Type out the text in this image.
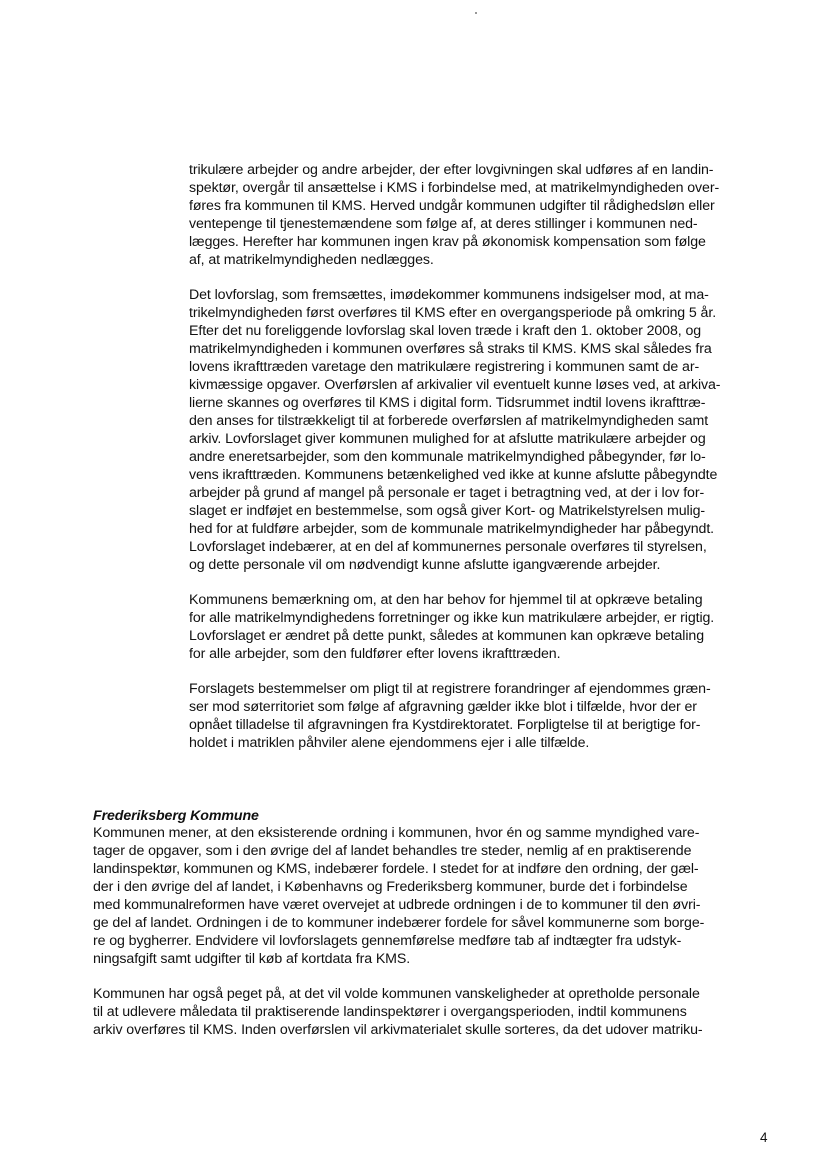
trikulære arbejder og andre arbejder, der efter lovgivningen skal udføres af en landin-

spektør, overgår til ansættelse i KMS i forbindelse med, at matrikelmyndigheden over-

føres fra kommunen til KMS. Herved undgår kommunen udgifter til rådighedsløn eller

ventepenge til tjenestemændene som følge af, at deres stillinger i kommunen ned-

lægges. Herefter har kommunen ingen krav på økonomisk kompensation som følge

af, at matrikelmyndigheden nedlægges.

Det lovforslag, som fremsættes, imødekommer kommunens indsigelser mod, at ma-

trikelmyndigheden først overføres til KMS efter en overgangsperiode på omkring 5 år.

Efter det nu foreliggende lovforslag skal loven træde i kraft den 1. oktober 2008, og

matrikelmyndigheden i kommunen overføres så straks til KMS. KMS skal således fra

lovens ikrafttræden varetage den matrikulære registrering i kommunen samt de ar-

kivmæssige opgaver. Overførslen af arkivalier vil eventuelt kunne løses ved, at arkiva-

lierne skannes og overføres til KMS i digital form. Tidsrummet indtil lovens ikrafttræ-

den anses for tilstrækkeligt til at forberede overførslen af matrikelmyndigheden samt

arkiv. Lovforslaget giver kommunen mulighed for at afslutte matrikulære arbejder og

andre eneretsarbejder, som den kommunale matrikelmyndighed påbegynder, før lo-

vens ikrafttræden. Kommunens betænkelighed ved ikke at kunne afslutte påbegyndte

arbejder på grund af mangel på personale er taget i betragtning ved, at der i lov for-

slaget er indføjet en bestemmelse, som også giver Kort- og Matrikelstyrelsen mulig-

hed for at fuldføre arbejder, som de kommunale matrikelmyndigheder har påbegyndt.

Lovforslaget indebærer, at en del af kommunernes personale overføres til styrelsen,

og dette personale vil om nødvendigt kunne afslutte igangværende arbejder.

Kommunens bemærkning om, at den har behov for hjemmel til at opkræve betaling

for alle matrikelmyndighedens forretninger og ikke kun matrikulære arbejder, er rigtig.

Lovforslaget er ændret på dette punkt, således at kommunen kan opkræve betaling

for alle arbejder, som den fuldfører efter lovens ikrafttræden.

Forslagets bestemmelser om pligt til at registrere forandringer af ejendommes græn-

ser mod søterritoriet som følge af afgravning gælder ikke blot i tilfælde, hvor der er

opnået tilladelse til afgravningen fra Kystdirektoratet. Forpligtelse til at berigtige for-

holdet i matriklen påhviler alene ejendommens ejer i alle tilfælde.

Frederiksberg Kommune

Kommunen mener, at den eksisterende ordning i kommunen, hvor én og samme myndighed vare-

tager de opgaver, som i den øvrige del af landet behandles tre steder, nemlig af en praktiserende

landinspektør, kommunen og KMS, indebærer fordele. I stedet for at indføre den ordning, der gæl-

der i den øvrige del af landet, i Københavns og Frederiksberg kommuner, burde det i forbindelse

med kommunalreformen have været overvejet at udbrede ordningen i de to kommuner til den øvri-

ge del af landet. Ordningen i de to kommuner indebærer fordele for såvel kommunerne som borge-

re og bygherrer. Endvidere vil lovforslagets gennemførelse medføre tab af indtægter fra udstyk-

ningsafgift samt udgifter til køb af kortdata fra KMS.

Kommunen har også peget på, at det vil volde kommunen vanskeligheder at opretholde personale

til at udlevere måledata til praktiserende landinspektører i overgangsperioden, indtil kommunens

arkiv overføres til KMS. Inden overførslen vil arkivmaterialet skulle sorteres, da det udover matriku-

4
